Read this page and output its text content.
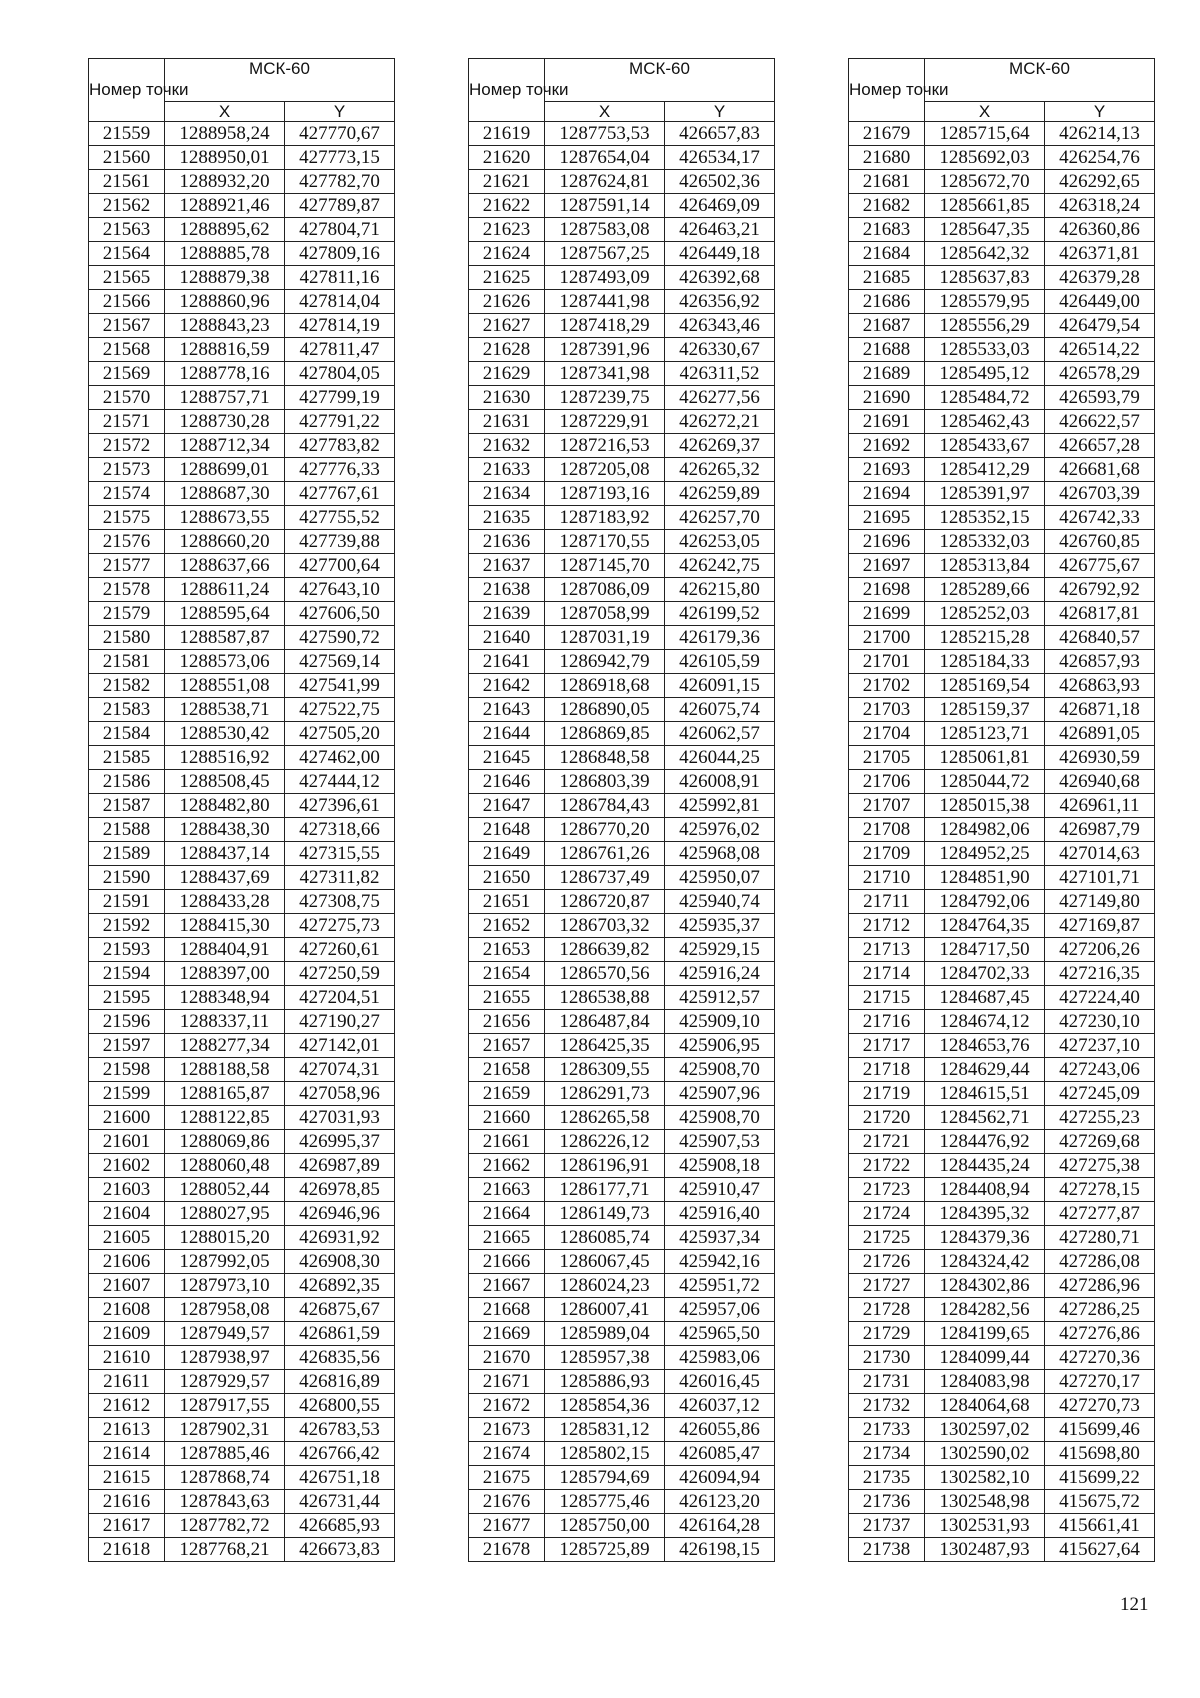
Номер точки	МСК-60	
	X	Y
21559	1288958,24	427770,67
21560	1288950,01	427773,15
21561	1288932,20	427782,70
21562	1288921,46	427789,87
21563	1288895,62	427804,71
21564	1288885,78	427809,16
21565	1288879,38	427811,16
21566	1288860,96	427814,04
21567	1288843,23	427814,19
21568	1288816,59	427811,47
21569	1288778,16	427804,05
21570	1288757,71	427799,19
21571	1288730,28	427791,22
21572	1288712,34	427783,82
21573	1288699,01	427776,33
21574	1288687,30	427767,61
21575	1288673,55	427755,52
21576	1288660,20	427739,88
21577	1288637,66	427700,64
21578	1288611,24	427643,10
21579	1288595,64	427606,50
21580	1288587,87	427590,72
21581	1288573,06	427569,14
21582	1288551,08	427541,99
21583	1288538,71	427522,75
21584	1288530,42	427505,20
21585	1288516,92	427462,00
21586	1288508,45	427444,12
21587	1288482,80	427396,61
21588	1288438,30	427318,66
21589	1288437,14	427315,55
21590	1288437,69	427311,82
21591	1288433,28	427308,75
21592	1288415,30	427275,73
21593	1288404,91	427260,61
21594	1288397,00	427250,59
21595	1288348,94	427204,51
21596	1288337,11	427190,27
21597	1288277,34	427142,01
21598	1288188,58	427074,31
21599	1288165,87	427058,96
21600	1288122,85	427031,93
21601	1288069,86	426995,37
21602	1288060,48	426987,89
21603	1288052,44	426978,85
21604	1288027,95	426946,96
21605	1288015,20	426931,92
21606	1287992,05	426908,30
21607	1287973,10	426892,35
21608	1287958,08	426875,67
21609	1287949,57	426861,59
21610	1287938,97	426835,56
21611	1287929,57	426816,89
21612	1287917,55	426800,55
21613	1287902,31	426783,53
21614	1287885,46	426766,42
21615	1287868,74	426751,18
21616	1287843,63	426731,44
21617	1287782,72	426685,93
21618	1287768,21	426673,83
Номер точки	МСК-60	
	X	Y
21619	1287753,53	426657,83
21620	1287654,04	426534,17
21621	1287624,81	426502,36
21622	1287591,14	426469,09
21623	1287583,08	426463,21
21624	1287567,25	426449,18
21625	1287493,09	426392,68
21626	1287441,98	426356,92
21627	1287418,29	426343,46
21628	1287391,96	426330,67
21629	1287341,98	426311,52
21630	1287239,75	426277,56
21631	1287229,91	426272,21
21632	1287216,53	426269,37
21633	1287205,08	426265,32
21634	1287193,16	426259,89
21635	1287183,92	426257,70
21636	1287170,55	426253,05
21637	1287145,70	426242,75
21638	1287086,09	426215,80
21639	1287058,99	426199,52
21640	1287031,19	426179,36
21641	1286942,79	426105,59
21642	1286918,68	426091,15
21643	1286890,05	426075,74
21644	1286869,85	426062,57
21645	1286848,58	426044,25
21646	1286803,39	426008,91
21647	1286784,43	425992,81
21648	1286770,20	425976,02
21649	1286761,26	425968,08
21650	1286737,49	425950,07
21651	1286720,87	425940,74
21652	1286703,32	425935,37
21653	1286639,82	425929,15
21654	1286570,56	425916,24
21655	1286538,88	425912,57
21656	1286487,84	425909,10
21657	1286425,35	425906,95
21658	1286309,55	425908,70
21659	1286291,73	425907,96
21660	1286265,58	425908,70
21661	1286226,12	425907,53
21662	1286196,91	425908,18
21663	1286177,71	425910,47
21664	1286149,73	425916,40
21665	1286085,74	425937,34
21666	1286067,45	425942,16
21667	1286024,23	425951,72
21668	1286007,41	425957,06
21669	1285989,04	425965,50
21670	1285957,38	425983,06
21671	1285886,93	426016,45
21672	1285854,36	426037,12
21673	1285831,12	426055,86
21674	1285802,15	426085,47
21675	1285794,69	426094,94
21676	1285775,46	426123,20
21677	1285750,00	426164,28
21678	1285725,89	426198,15
Номер точки	МСК-60	
	X	Y
21679	1285715,64	426214,13
21680	1285692,03	426254,76
21681	1285672,70	426292,65
21682	1285661,85	426318,24
21683	1285647,35	426360,86
21684	1285642,32	426371,81
21685	1285637,83	426379,28
21686	1285579,95	426449,00
21687	1285556,29	426479,54
21688	1285533,03	426514,22
21689	1285495,12	426578,29
21690	1285484,72	426593,79
21691	1285462,43	426622,57
21692	1285433,67	426657,28
21693	1285412,29	426681,68
21694	1285391,97	426703,39
21695	1285352,15	426742,33
21696	1285332,03	426760,85
21697	1285313,84	426775,67
21698	1285289,66	426792,92
21699	1285252,03	426817,81
21700	1285215,28	426840,57
21701	1285184,33	426857,93
21702	1285169,54	426863,93
21703	1285159,37	426871,18
21704	1285123,71	426891,05
21705	1285061,81	426930,59
21706	1285044,72	426940,68
21707	1285015,38	426961,11
21708	1284982,06	426987,79
21709	1284952,25	427014,63
21710	1284851,90	427101,71
21711	1284792,06	427149,80
21712	1284764,35	427169,87
21713	1284717,50	427206,26
21714	1284702,33	427216,35
21715	1284687,45	427224,40
21716	1284674,12	427230,10
21717	1284653,76	427237,10
21718	1284629,44	427243,06
21719	1284615,51	427245,09
21720	1284562,71	427255,23
21721	1284476,92	427269,68
21722	1284435,24	427275,38
21723	1284408,94	427278,15
21724	1284395,32	427277,87
21725	1284379,36	427280,71
21726	1284324,42	427286,08
21727	1284302,86	427286,96
21728	1284282,56	427286,25
21729	1284199,65	427276,86
21730	1284099,44	427270,36
21731	1284083,98	427270,17
21732	1284064,68	427270,73
21733	1302597,02	415699,46
21734	1302590,02	415698,80
21735	1302582,10	415699,22
21736	1302548,98	415675,72
21737	1302531,93	415661,41
21738	1302487,93	415627,64
121
